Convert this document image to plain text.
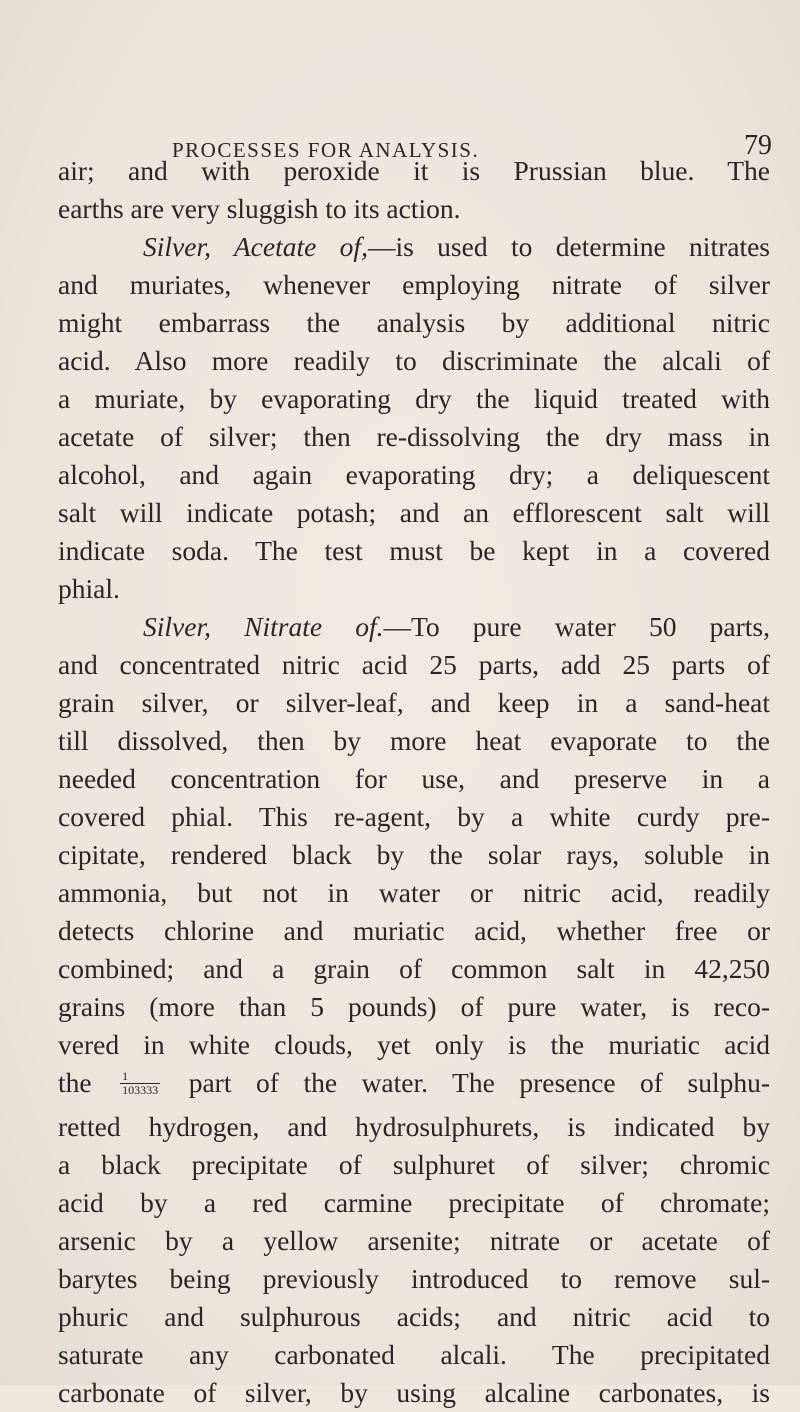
PROCESSES FOR ANALYSIS.	79
air; and with peroxide it is Prussian blue. The
earths are very sluggish to its action.
Silver, Acetate of,—is used to determine nitrates
and muriates, whenever employing nitrate of silver
might embarrass the analysis by additional nitric
acid. Also more readily to discriminate the alcali of
a muriate, by evaporating dry the liquid treated with
acetate of silver; then re-dissolving the dry mass in
alcohol, and again evaporating dry; a deliquescent
salt will indicate potash; and an efflorescent salt will
indicate soda. The test must be kept in a covered
phial.
Silver, Nitrate of.—To pure water 50 parts,
and concentrated nitric acid 25 parts, add 25 parts of
grain silver, or silver-leaf, and keep in a sand-heat
till dissolved, then by more heat evaporate to the
needed concentration for use, and preserve in a
covered phial. This re-agent, by a white curdy pre-
cipitate, rendered black by the solar rays, soluble in
ammonia, but not in water or nitric acid, readily
detects chlorine and muriatic acid, whether free or
combined; and a grain of common salt in 42,250
grains (more than 5 pounds) of pure water, is reco-
vered in white clouds, yet only is the muriatic acid
the $\frac{1}{103333}$ part of the water. The presence of sulphu-
retted hydrogen, and hydrosulphurets, is indicated by
a black precipitate of sulphuret of silver; chromic
acid by a red carmine precipitate of chromate;
arsenic by a yellow arsenite; nitrate or acetate of
barytes being previously introduced to remove sul-
phuric and sulphurous acids; and nitric acid to
saturate any carbonated alcali. The precipitated
carbonate of silver, by using alcaline carbonates, is
